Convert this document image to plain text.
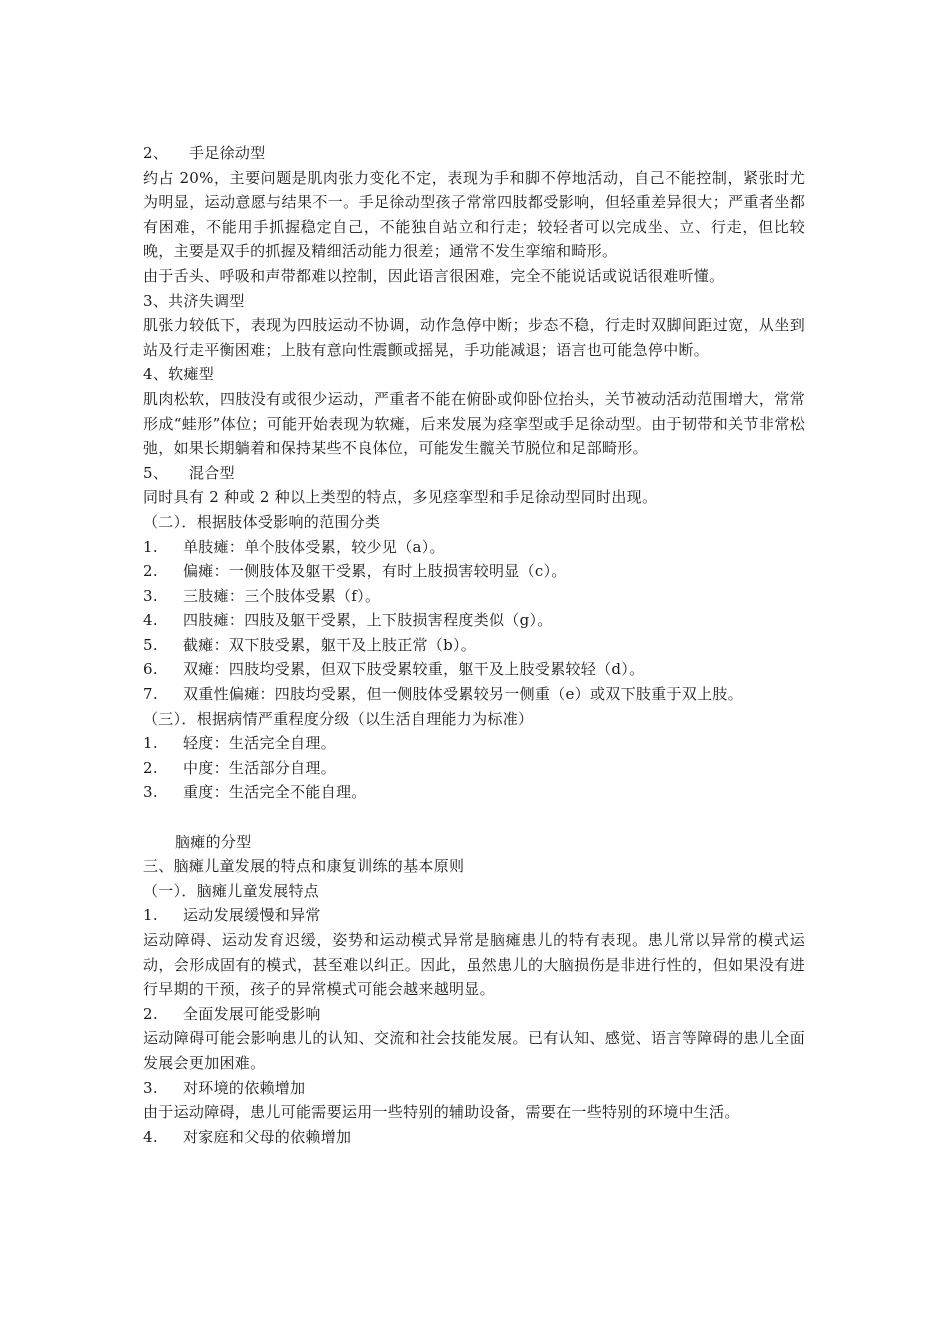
2、 手足徐动型

约占 20%，主要问题是肌肉张力变化不定，表现为手和脚不停地活动，自己不能控制，紧张时尤为明显，运动意愿与结果不一。手足徐动型孩子常常四肢都受影响，但轻重差异很大；严重者坐都有困难，不能用手抓握稳定自己，不能独自站立和行走；较轻者可以完成坐、立、行走，但比较晚，主要是双手的抓握及精细活动能力很差；通常不发生挛缩和畸形。

由于舌头、呼吸和声带都难以控制，因此语言很困难，完全不能说话或说话很难听懂。

3、共济失调型

肌张力较低下，表现为四肢运动不协调，动作急停中断；步态不稳，行走时双脚间距过宽，从坐到站及行走平衡困难；上肢有意向性震颤或摇晃，手功能减退；语言也可能急停中断。

4、软瘫型

肌肉松软，四肢没有或很少运动，严重者不能在俯卧或仰卧位抬头，关节被动活动范围增大，常常形成“蛙形”体位；可能开始表现为软瘫，后来发展为痉挛型或手足徐动型。由于韧带和关节非常松弛，如果长期躺着和保持某些不良体位，可能发生髋关节脱位和足部畸形。

5、 混合型

同时具有 2 种或 2 种以上类型的特点，多见痉挛型和手足徐动型同时出现。

（二）．根据肢体受影响的范围分类

1. 单肢瘫：单个肢体受累，较少见（a）。

2. 偏瘫：一侧肢体及躯干受累，有时上肢损害较明显（c）。

3. 三肢瘫：三个肢体受累（f）。

4. 四肢瘫：四肢及躯干受累，上下肢损害程度类似（g）。

5. 截瘫：双下肢受累，躯干及上肢正常（b）。

6. 双瘫：四肢均受累，但双下肢受累较重，躯干及上肢受累较轻（d）。

7. 双重性偏瘫：四肢均受累，但一侧肢体受累较另一侧重（e）或双下肢重于双上肢。

（三）．根据病情严重程度分级（以生活自理能力为标准）

1. 轻度：生活完全自理。

2. 中度：生活部分自理。

3. 重度：生活完全不能自理。

脑瘫的分型

三、脑瘫儿童发展的特点和康复训练的基本原则

（一）．脑瘫儿童发展特点

1. 运动发展缓慢和异常

运动障碍、运动发育迟缓，姿势和运动模式异常是脑瘫患儿的特有表现。患儿常以异常的模式运动，会形成固有的模式，甚至难以纠正。因此，虽然患儿的大脑损伤是非进行性的，但如果没有进行早期的干预，孩子的异常模式可能会越来越明显。

2. 全面发展可能受影响

运动障碍可能会影响患儿的认知、交流和社会技能发展。已有认知、感觉、语言等障碍的患儿全面发展会更加困难。

3. 对环境的依赖增加

由于运动障碍，患儿可能需要运用一些特别的辅助设备，需要在一些特别的环境中生活。

4. 对家庭和父母的依赖增加
